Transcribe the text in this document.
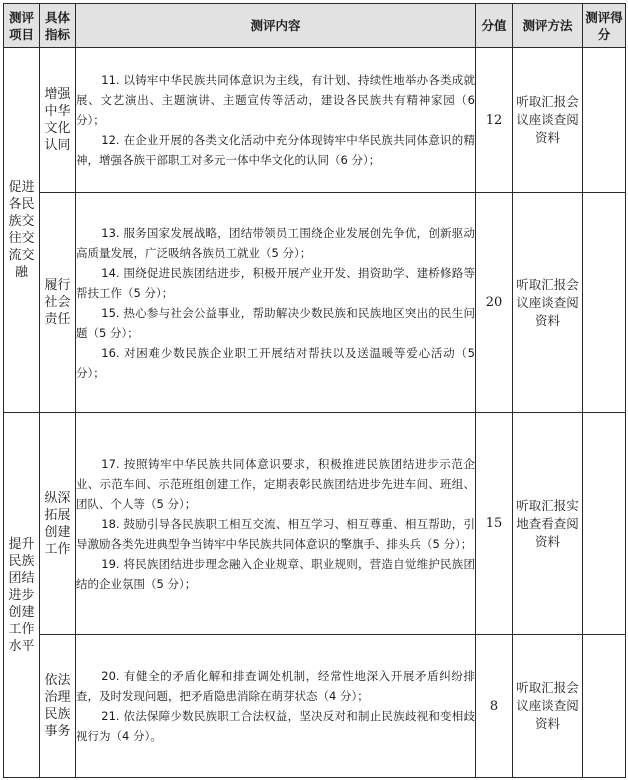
测评项目	具体指标	测评内容	分值	测评方法	测评得分
促进各民族交往交流交融	增强中华文化认同	11. 以铸牢中华民族共同体意识为主线，有计划、持续性地举办各类成就展、文艺演出、主题演讲、主题宣传等活动，建设各民族共有精神家园（6 分）；

12. 在企业开展的各类文化活动中充分体现铸牢中华民族共同体意识的精神，增强各族干部职工对多元一体中华文化的认同（6 分）；	12	听取汇报会议座谈查阅资料	
	履行社会责任	13. 服务国家发展战略，团结带领员工围绕企业发展创先争优，创新驱动高质量发展，广泛吸纳各族员工就业（5 分）；

14. 围绕促进民族团结进步，积极开展产业开发、捐资助学、建桥修路等帮扶工作（5 分）；

15. 热心参与社会公益事业，帮助解决少数民族和民族地区突出的民生问题（5 分）；

16. 对困难少数民族企业职工开展结对帮扶以及送温暖等爱心活动（5 分）；	20	听取汇报会议座谈查阅资料	
提升民族团结进步创建工作水平	纵深拓展创建工作	17. 按照铸牢中华民族共同体意识要求，积极推进民族团结进步示范企业、示范车间、示范班组创建工作，定期表彰民族团结进步先进车间、班组、团队、个人等（5 分）；

18. 鼓励引导各民族职工相互交流、相互学习、相互尊重、相互帮助，引导激励各类先进典型争当铸牢中华民族共同体意识的擎旗手、排头兵（5 分）；

19. 将民族团结进步理念融入企业规章、职业规则，营造自觉维护民族团结的企业氛围（5 分）；	15	听取汇报实地查看查阅资料	
	依法治理民族事务	20. 有健全的矛盾化解和排查调处机制，经常性地深入开展矛盾纠纷排查，及时发现问题，把矛盾隐患消除在萌芽状态（4 分）；

21. 依法保障少数民族职工合法权益，坚决反对和制止民族歧视和变相歧视行为（4 分）。	8	听取汇报会议座谈查阅资料	
